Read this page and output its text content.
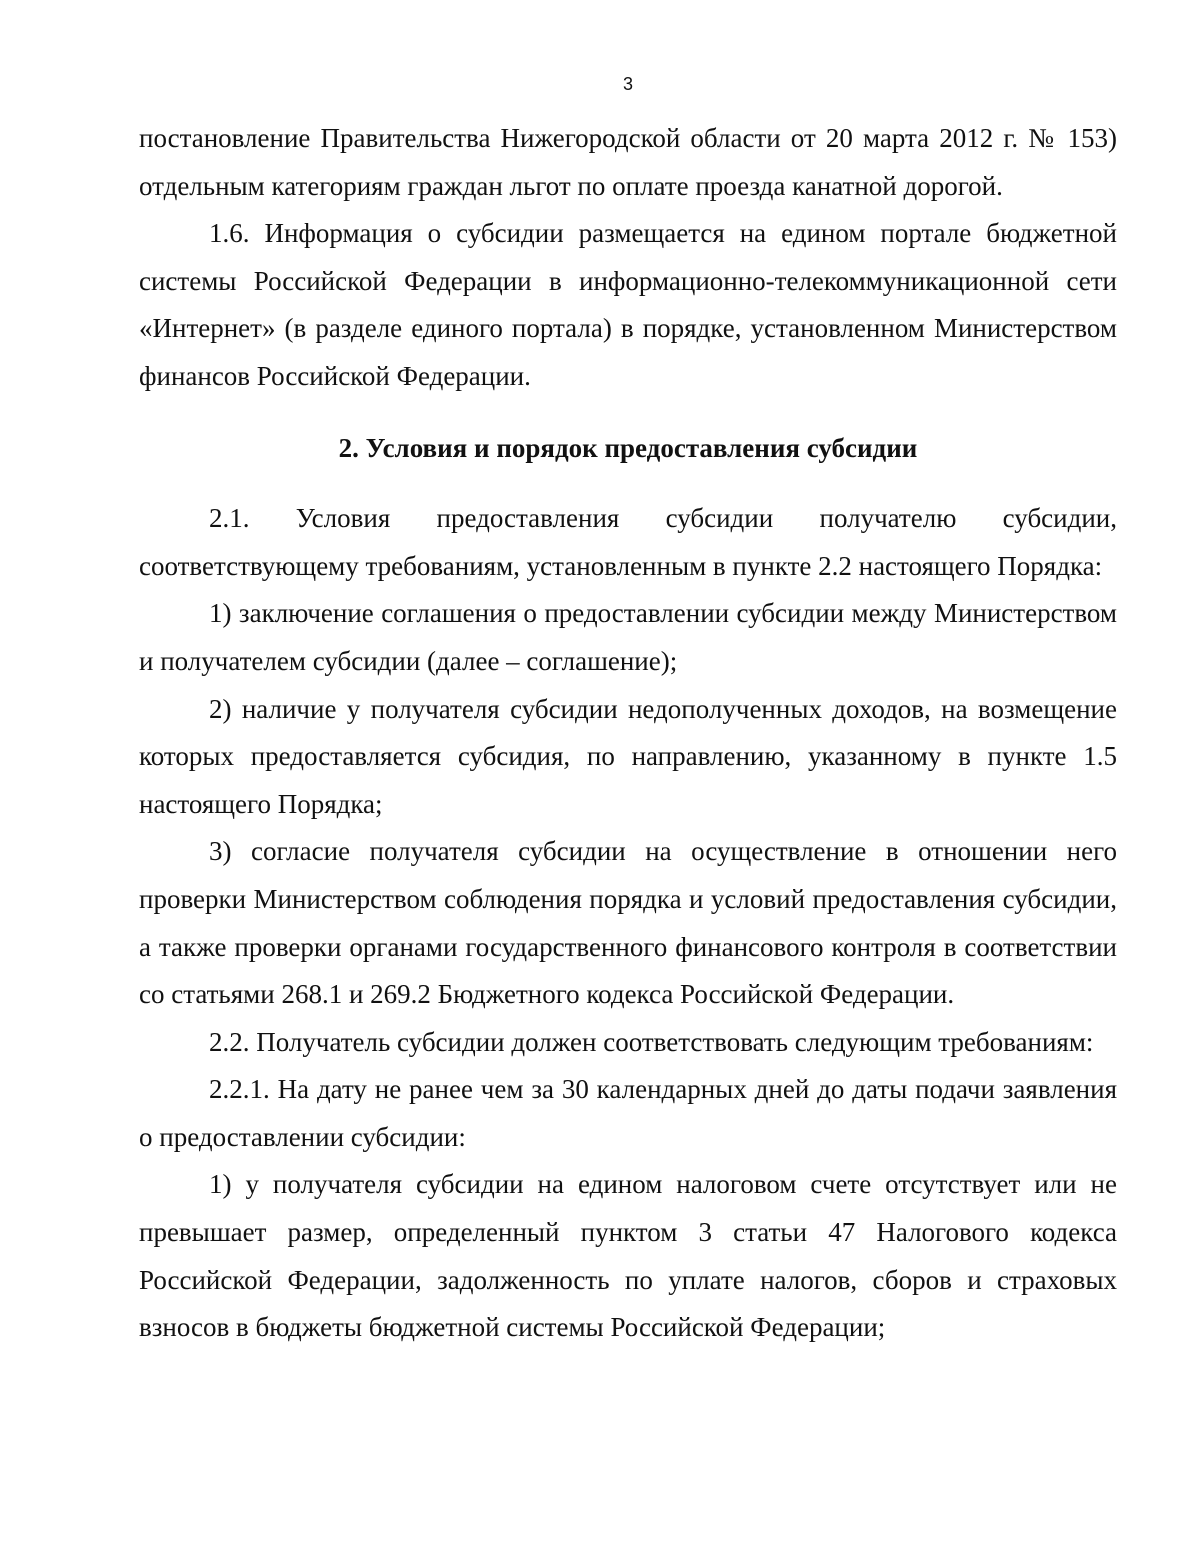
3

постановление Правительства Нижегородской области от 20 марта 2012 г. № 153) отдельным категориям граждан льгот по оплате проезда канатной дорогой.

1.6. Информация о субсидии размещается на едином портале бюджетной системы Российской Федерации в информационно-телекоммуникационной сети «Интернет» (в разделе единого портала) в порядке, установленном Министерством финансов Российской Федерации.

2. Условия и порядок предоставления субсидии

2.1. Условия предоставления субсидии получателю субсидии, соответствующему требованиям, установленным в пункте 2.2 настоящего Порядка:

1) заключение соглашения о предоставлении субсидии между Министерством и получателем субсидии (далее – соглашение);

2) наличие у получателя субсидии недополученных доходов, на возмещение которых предоставляется субсидия, по направлению, указанному в пункте 1.5 настоящего Порядка;

3) согласие получателя субсидии на осуществление в отношении него проверки Министерством соблюдения порядка и условий предоставления субсидии, а также проверки органами государственного финансового контроля в соответствии со статьями 268.1 и 269.2 Бюджетного кодекса Российской Федерации.

2.2. Получатель субсидии должен соответствовать следующим требованиям:

2.2.1. На дату не ранее чем за 30 календарных дней до даты подачи заявления о предоставлении субсидии:

1) у получателя субсидии на едином налоговом счете отсутствует или не превышает размер, определенный пунктом 3 статьи 47 Налогового кодекса Российской Федерации, задолженность по уплате налогов, сборов и страховых взносов в бюджеты бюджетной системы Российской Федерации;
